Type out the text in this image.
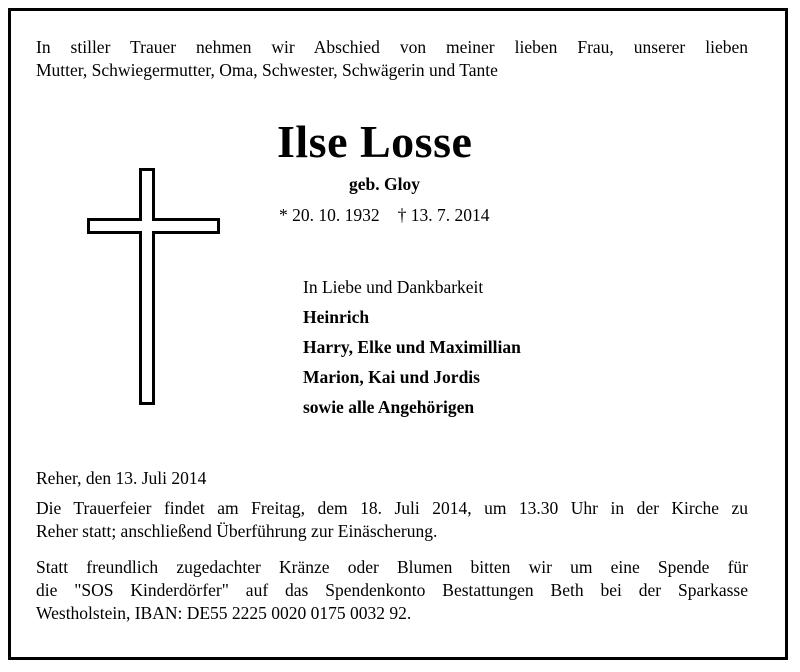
In stiller Trauer nehmen wir Abschied von meiner lieben Frau, unserer lieben
Mutter, Schwiegermutter, Oma, Schwester, Schwägerin und Tante
Ilse Losse
geb. Gloy
* 20. 10. 1932 † 13. 7. 2014
In Liebe und Dankbarkeit
Heinrich
Harry, Elke und Maximillian
Marion, Kai und Jordis
sowie alle Angehörigen
Reher, den 13. Juli 2014
Die Trauerfeier findet am Freitag, dem 18. Juli 2014, um 13.30 Uhr in der Kirche zu
Reher statt; anschließend Überführung zur Einäscherung.
Statt freundlich zugedachter Kränze oder Blumen bitten wir um eine Spende für
die "SOS Kinderdörfer" auf das Spendenkonto Bestattungen Beth bei der Sparkasse
Westholstein, IBAN: DE55 2225 0020 0175 0032 92.
